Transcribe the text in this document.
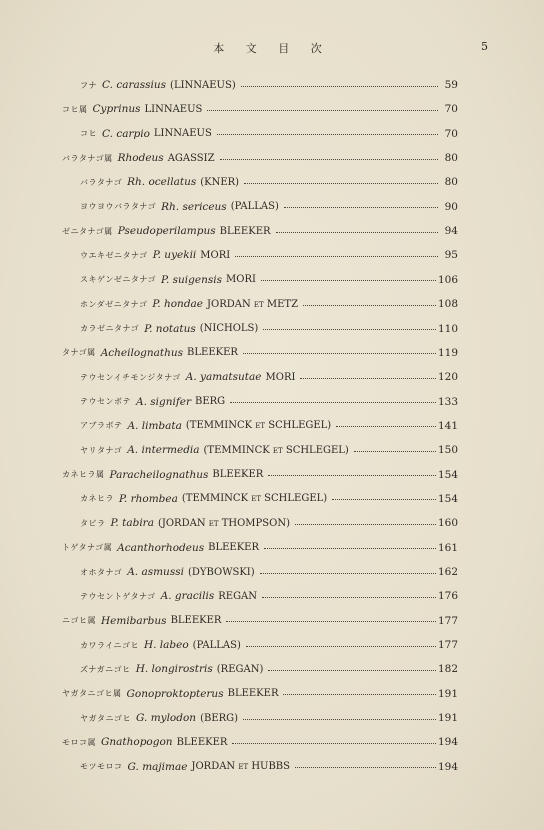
本 文 目 次	5
フナ C. carassius (LINNAEUS)	59
コヒ属 Cyprinus LINNAEUS	70
コヒ C. carpio LINNAEUS	70
バラタナゴ属 Rhodeus AGASSIZ	80
バラタナゴ Rh. ocellatus (KNER)	80
ヨウヨウバラタナゴ Rh. sericeus (PALLAS)	90
ゼニタナゴ属 Pseudoperilampus BLEEKER	94
ウエキゼニタナゴ P. uyekii MORI	95
スキゲンゼニタナゴ P. suigensis MORI	106
ホンダゼニタナゴ P. hondae JORDAN et METZ	108
カラゼニタナゴ P. notatus (NICHOLS)	110
タナゴ属 Acheilognathus BLEEKER	119
テウセンイチモンジタナゴ A. yamatsutae MORI	120
テウセンボテ A. signifer BERG	133
アブラボテ A. limbata (TEMMINCK et SCHLEGEL)	141
ヤリタナゴ A. intermedia (TEMMINCK et SCHLEGEL)	150
カネヒラ属 Paracheilognathus BLEEKER	154
カネヒラ P. rhombea (TEMMINCK et SCHLEGEL)	154
タビラ P. tabira (JORDAN et THOMPSON)	160
トゲタナゴ属 Acanthorhodeus BLEEKER	161
オホタナゴ A. asmussi (DYBOWSKI)	162
テウセントゲタナゴ A. gracilis REGAN	176
ニゴヒ属 Hemibarbus BLEEKER	177
カワライニゴヒ H. labeo (PALLAS)	177
ズナガニゴヒ H. longirostris (REGAN)	182
ヤガタニゴヒ属 Gonoproktopterus BLEEKER	191
ヤガタニゴヒ G. mylodon (BERG)	191
モロコ属 Gnathopogon BLEEKER	194
モツモロコ G. majimae JORDAN et HUBBS	194
